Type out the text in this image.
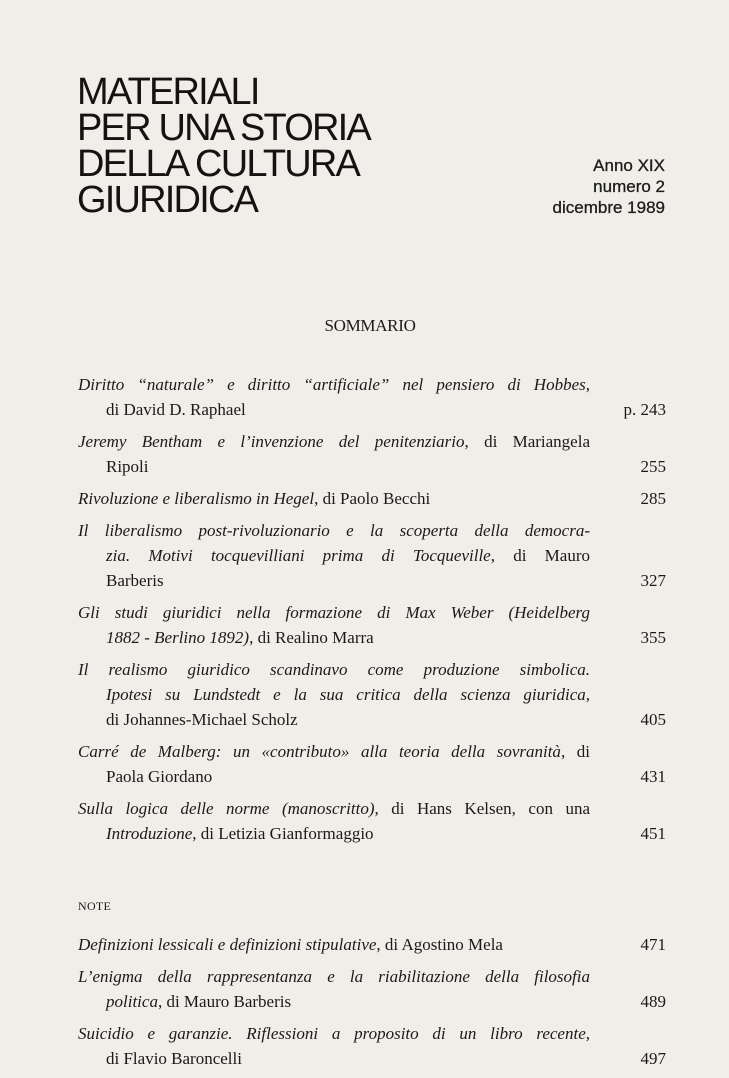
MATERIALI
PER UNA STORIA
DELLA CULTURA
GIURIDICA
Anno XIX
numero 2
dicembre 1989
SOMMARIO
Diritto “naturale” e diritto “artificiale” nel pensiero di Hobbes,
di David D. Raphael	p. 243
Jeremy Bentham e l’invenzione del penitenziario, di Mariangela
Ripoli	255
Rivoluzione e liberalismo in Hegel, di Paolo Becchi	285
Il liberalismo post-rivoluzionario e la scoperta della democra-
zia. Motivi tocquevilliani prima di Tocqueville, di Mauro
Barberis	327
Gli studi giuridici nella formazione di Max Weber (Heidelberg
1882 - Berlino 1892), di Realino Marra	355
Il realismo giuridico scandinavo come produzione simbolica.
Ipotesi su Lundstedt e la sua critica della scienza giuridica,
di Johannes-Michael Scholz	405
Carré de Malberg: un «contributo» alla teoria della sovranità, di
Paola Giordano	431
Sulla logica delle norme (manoscritto), di Hans Kelsen, con una
Introduzione, di Letizia Gianformaggio	451
NOTE
Definizioni lessicali e definizioni stipulative, di Agostino Mela	471
L’enigma della rappresentanza e la riabilitazione della filosofia
politica, di Mauro Barberis	489
Suicidio e garanzie. Riflessioni a proposito di un libro recente,
di Flavio Baroncelli	497
